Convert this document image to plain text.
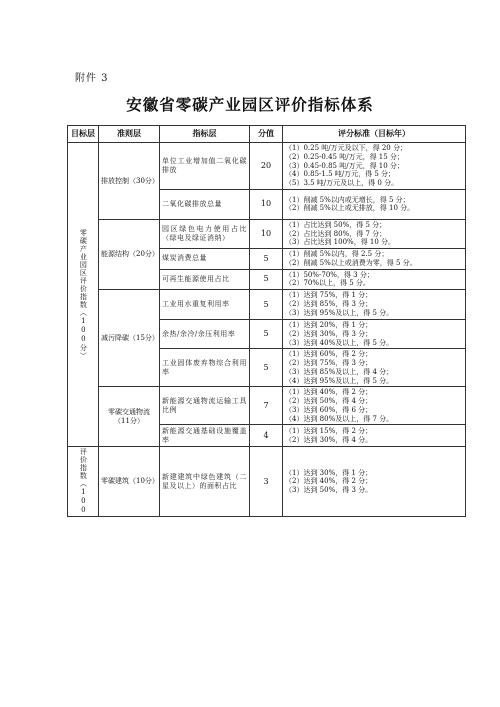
附件 3
安徽省零碳产业园区评价指标体系
目标层	准则层	指标层	分值	评分标准（目标年）

零碳产业园区评价指数（100分）	排放控制（30分）	单位工业增加值二氧化碳排放	20	（1）0.25 吨/万元及以下，得 20 分；
（2）0.25-0.45 吨/万元，得 15 分；
（3）0.45-0.85 吨/万元，得 10 分；
（4）0.85-1.5 吨/万元，得 5 分；
（5）3.5 吨/万元及以上，得 0 分。

		二氧化碳排放总量	10	（1）削减 5%以内或无增长，得 5 分；
（2）削减 5%以上或无排放，得 10 分。

	能源结构（20分）	园区绿色电力使用占比（绿电及绿证消纳）	10	（1）占比达到 50%，得 5 分；
（2）占比达到 80%，得 7 分；
（3）占比达到 100%，得 10 分。

		煤炭消费总量	5	（1）削减 5%以内，得 2.5 分；
（2）削减 5%以上或消费为零，得 5 分。

		可再生能源使用占比	5	（1）50%-70%，得 3 分；
（2）70%以上，得 5 分。

	减污降碳（15分）	工业用水重复利用率	5	（1）达到 75%，得 1 分；
（2）达到 85%，得 3 分；
（3）达到 95%及以上，得 5 分。

		余热/余冷/余压利用率	5	（1）达到 20%，得 1 分；
（2）达到 30%，得 3 分；
（3）达到 40%及以上，得 5 分。

		工业固体废弃物综合利用率	5	（1）达到 60%，得 2 分；
（2）达到 75%，得 3 分；
（3）达到 85%及以上，得 4 分；
（4）达到 95%及以上，得 5 分。

	零碳交通物流（11分）	新能源交通物流运输工具比例	7	（1）达到 40%，得 2 分；
（2）达到 50%，得 4 分；
（3）达到 60%，得 6 分；
（4）达到 80%及以上，得 7 分。

		新能源交通基础设施覆盖率	4	（1）达到 15%，得 2 分；
（2）达到 30%，得 4 分。

评价指数（100	零碳建筑（10分）	新建建筑中绿色建筑（二星及以上）的面积占比	3	（1）达到 30%，得 1 分；
（2）达到 40%，得 2 分；
（3）达到 50%，得 3 分。
